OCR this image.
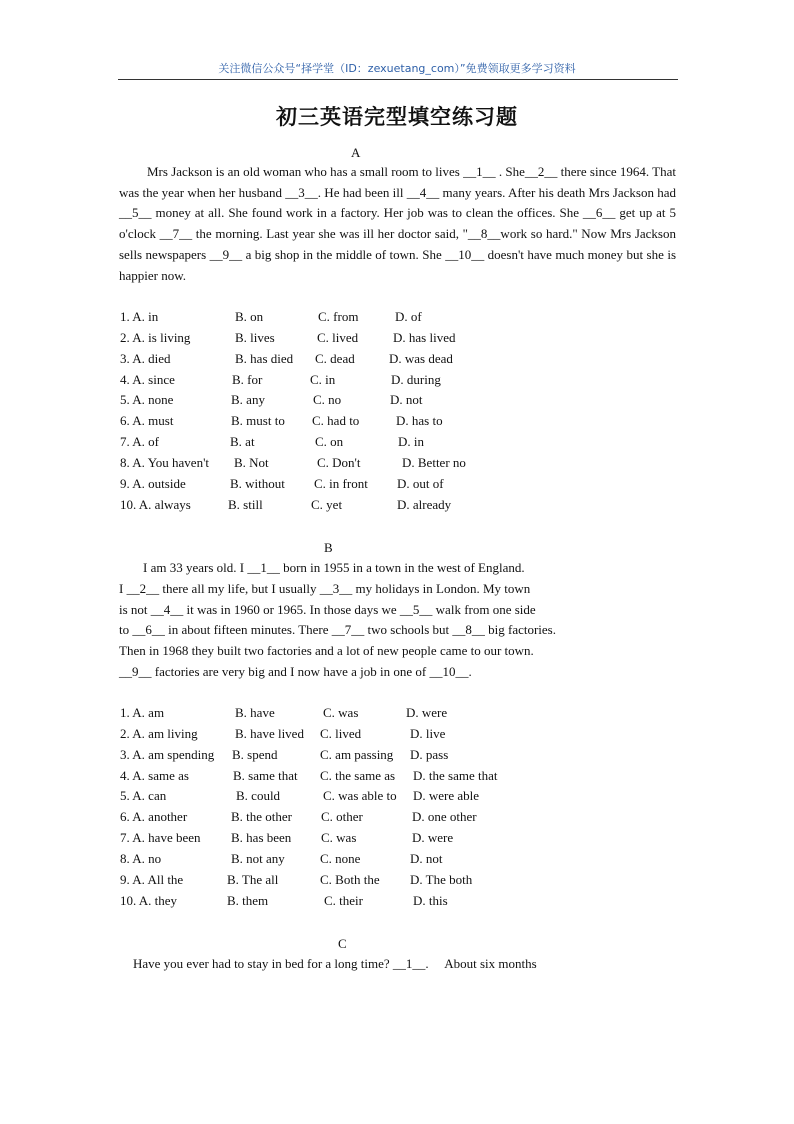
关注微信公众号“择学堂（ID：zexuetang_com）”免费领取更多学习资料
初三英语完型填空练习题
A
Mrs Jackson is an old woman who has a small room to lives __1__ . She__2__ there since 1964. That was the year when her husband __3__. He had been ill __4__ many years. After his death Mrs Jackson had __5__ money at all. She found work in a factory. Her job was to clean the offices. She __6__ get up at 5 o'clock __7__ the morning. Last year she was ill her doctor said, "__8__work so hard." Now Mrs Jackson sells newspapers __9__ a big shop in the middle of town. She __10__ doesn't have much money but she is happier now.
1. A. in	B. on	C. from	D. of
2. A. is living	B. lives	C. lived	D. has lived
3. A. died	B. has died C. dead	D. was dead
4. A. since	B. for	C. in	D. during
5. A. none	B. any	C. no	D. not
6. A. must	B. must to C. had to	D. has to
7. A. of	B. at	C. on	D. in
8. A. You haven't B. Not	C. Don't	D. Better no
9. A. outside	B. without C. in front D. out of
10. A. always	B. still	C. yet	D. already
B
I am 33 years old. I __1__ born in 1955 in a town in the west of England.
I __2__ there all my life, but I usually __3__ my holidays in London. My town
is not __4__ it was in 1960 or 1965. In those days we __5__ walk from one side
to __6__ in about fifteen minutes. There __7__ two schools but __8__ big factories.
Then in 1968 they built two factories and a lot of new people came to our town.
__9__ factories are very big and I now have a job in one of __10__.
1. A. am	B. have	C. was	D. were
2. A. am living	B. have lived C. lived	D. live
3. A. am spending B. spend	C. am passing D. pass
4. A. same as	B. same that C. the same as D. the same that
5. A. can	B. could	C. was able to D. were able
6. A. another	B. the other C. other	D. one other
7. A. have been B. has been C. was	D. were
8. A. no	B. not any	C. none	D. not
9. A. All the	B. The all	C. Both the D. The both
10. A. they	B. them	C. their	D. this
C
Have you ever had to stay in bed for a long time? __1__.     About six months
